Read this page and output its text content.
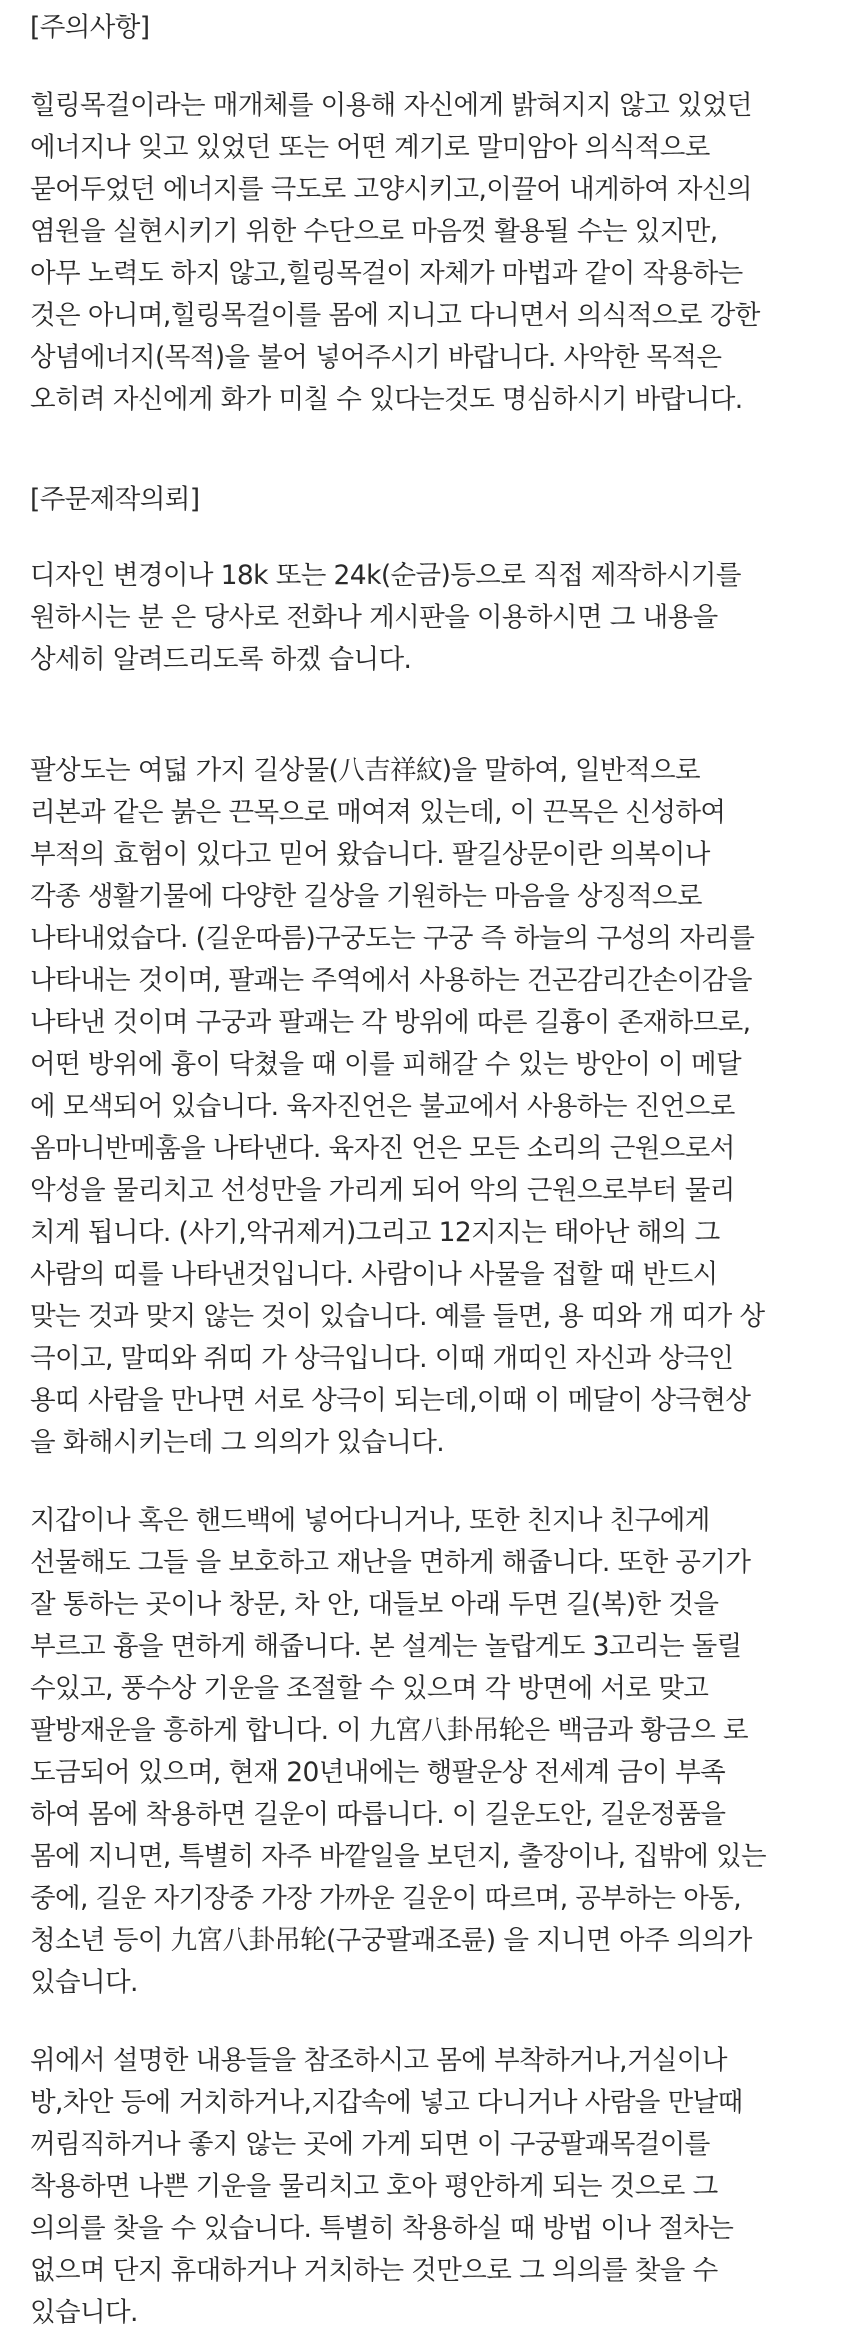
[주의사항]
힐링목걸이라는 매개체를 이용해 자신에게 밝혀지지 않고 있었던
에너지나 잊고 있었던 또는 어떤 계기로 말미암아 의식적으로
묻어두었던 에너지를 극도로 고양시키고,이끌어 내게하여 자신의
염원을 실현시키기 위한 수단으로 마음껏 활용될 수는 있지만,
아무 노력도 하지 않고,힐링목걸이 자체가 마법과 같이 작용하는
것은 아니며,힐링목걸이를 몸에 지니고 다니면서 의식적으로 강한
상념에너지(목적)을 불어 넣어주시기 바랍니다. 사악한 목적은
오히려 자신에게 화가 미칠 수 있다는것도 명심하시기 바랍니다.
[주문제작의뢰]
디자인 변경이나 18k 또는 24k(순금)등으로 직접 제작하시기를
원하시는 분 은 당사로 전화나 게시판을 이용하시면 그 내용을
상세히 알려드리도록 하겠 습니다.
팔상도는 여덟 가지 길상물(八吉祥紋)을 말하여, 일반적으로
리본과 같은 붉은 끈목으로 매여져 있는데, 이 끈목은 신성하여
부적의 효험이 있다고 믿어 왔습니다. 팔길상문이란 의복이나
각종 생활기물에 다양한 길상을 기원하는 마음을 상징적으로
나타내었습다. (길운따름)구궁도는 구궁 즉 하늘의 구성의 자리를
나타내는 것이며, 팔괘는 주역에서 사용하는 건곤감리간손이감을
나타낸 것이며 구궁과 팔괘는 각 방위에 따른 길흉이 존재하므로,
어떤 방위에 흉이 닥쳤을 때 이를 피해갈 수 있는 방안이 이 메달
에 모색되어 있습니다. 육자진언은 불교에서 사용하는 진언으로
옴마니반메훔을 나타낸다. 육자진 언은 모든 소리의 근원으로서
악성을 물리치고 선성만을 가리게 되어 악의 근원으로부터 물리
치게 됩니다. (사기,악귀제거)그리고 12지지는 태아난 해의 그
사람의 띠를 나타낸것입니다. 사람이나 사물을 접할 때 반드시
맞는 것과 맞지 않는 것이 있습니다. 예를 들면, 용 띠와 개 띠가 상
극이고, 말띠와 쥐띠 가 상극입니다. 이때 개띠인 자신과 상극인
용띠 사람을 만나면 서로 상극이 되는데,이때 이 메달이 상극현상
을 화해시키는데 그 의의가 있습니다.
지갑이나 혹은 핸드백에 넣어다니거나, 또한 친지나 친구에게
선물해도 그들 을 보호하고 재난을 면하게 해줍니다. 또한 공기가
잘 통하는 곳이나 창문, 차 안, 대들보 아래 두면 길(복)한 것을
부르고 흉을 면하게 해줍니다. 본 설계는 놀랍게도 3고리는 돌릴
수있고, 풍수상 기운을 조절할 수 있으며 각 방면에 서로 맞고
팔방재운을 흥하게 합니다. 이 九宮八卦吊轮은 백금과 황금으 로
도금되어 있으며, 현재 20년내에는 행팔운상 전세계 금이 부족
하여 몸에 착용하면 길운이 따릅니다. 이 길운도안, 길운정품을
몸에 지니면, 특별히 자주 바깥일을 보던지, 출장이나, 집밖에 있는
중에, 길운 자기장중 가장 가까운 길운이 따르며, 공부하는 아동,
청소년 등이 九宮八卦吊轮(구궁팔괘조륜) 을 지니면 아주 의의가
있습니다.
위에서 설명한 내용들을 참조하시고 몸에 부착하거나,거실이나
방,차안 등에 거치하거나,지갑속에 넣고 다니거나 사람을 만날때
꺼림직하거나 좋지 않는 곳에 가게 되면 이 구궁팔괘목걸이를
착용하면 나쁜 기운을 물리치고 호아 평안하게 되는 것으로 그
의의를 찾을 수 있습니다. 특별히 착용하실 때 방법 이나 절차는
없으며 단지 휴대하거나 거치하는 것만으로 그 의의를 찾을 수
있습니다.
